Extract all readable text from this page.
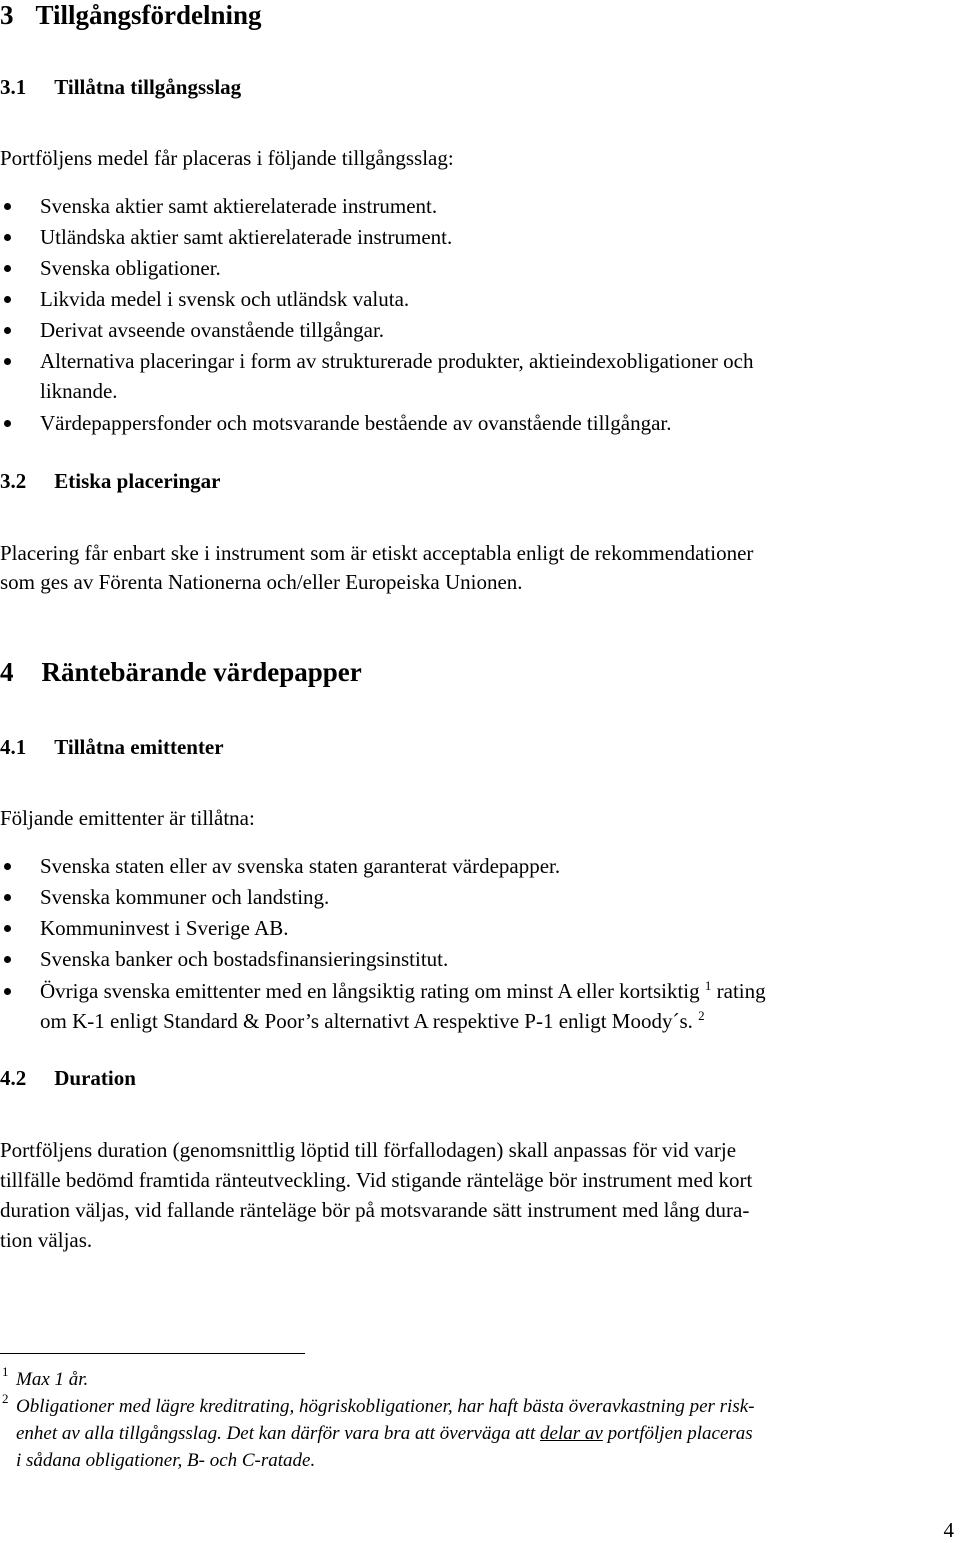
3 Tillgångsfördelning
3.1 Tillåtna tillgångsslag
Portföljens medel får placeras i följande tillgångsslag:
Svenska aktier samt aktierelaterade instrument.
Utländska aktier samt aktierelaterade instrument.
Svenska obligationer.
Likvida medel i svensk och utländsk valuta.
Derivat avseende ovanstående tillgångar.
Alternativa placeringar i form av strukturerade produkter, aktieindexobligationer och
liknande.
Värdepappersfonder och motsvarande bestående av ovanstående tillgångar.
3.2 Etiska placeringar
Placering får enbart ske i instrument som är etiskt acceptabla enligt de rekommendationer
som ges av Förenta Nationerna och/eller Europeiska Unionen.
4 Räntebärande värdepapper
4.1 Tillåtna emittenter
Följande emittenter är tillåtna:
Svenska staten eller av svenska staten garanterat värdepapper.
Svenska kommuner och landsting.
Kommuninvest i Sverige AB.
Svenska banker och bostadsfinansieringsinstitut.
Övriga svenska emittenter med en långsiktig rating om minst A eller kortsiktig $^1$ rating
om K-1 enligt Standard & Poor’s alternativt A respektive P-1 enligt Moody´s. $^2$
4.2 Duration
Portföljens duration (genomsnittlig löptid till förfallodagen) skall anpassas för vid varje
tillfälle bedömd framtida ränteutveckling. Vid stigande ränteläge bör instrument med kort
duration väljas, vid fallande ränteläge bör på motsvarande sätt instrument med lång dura-
tion väljas.
1 Max 1 år.
2 Obligationer med lägre kreditrating, högriskobligationer, har haft bästa överavkastning per risk-
enhet av alla tillgångsslag. Det kan därför vara bra att överväga att delar av portföljen placeras
i sådana obligationer, B- och C-ratade.
4
